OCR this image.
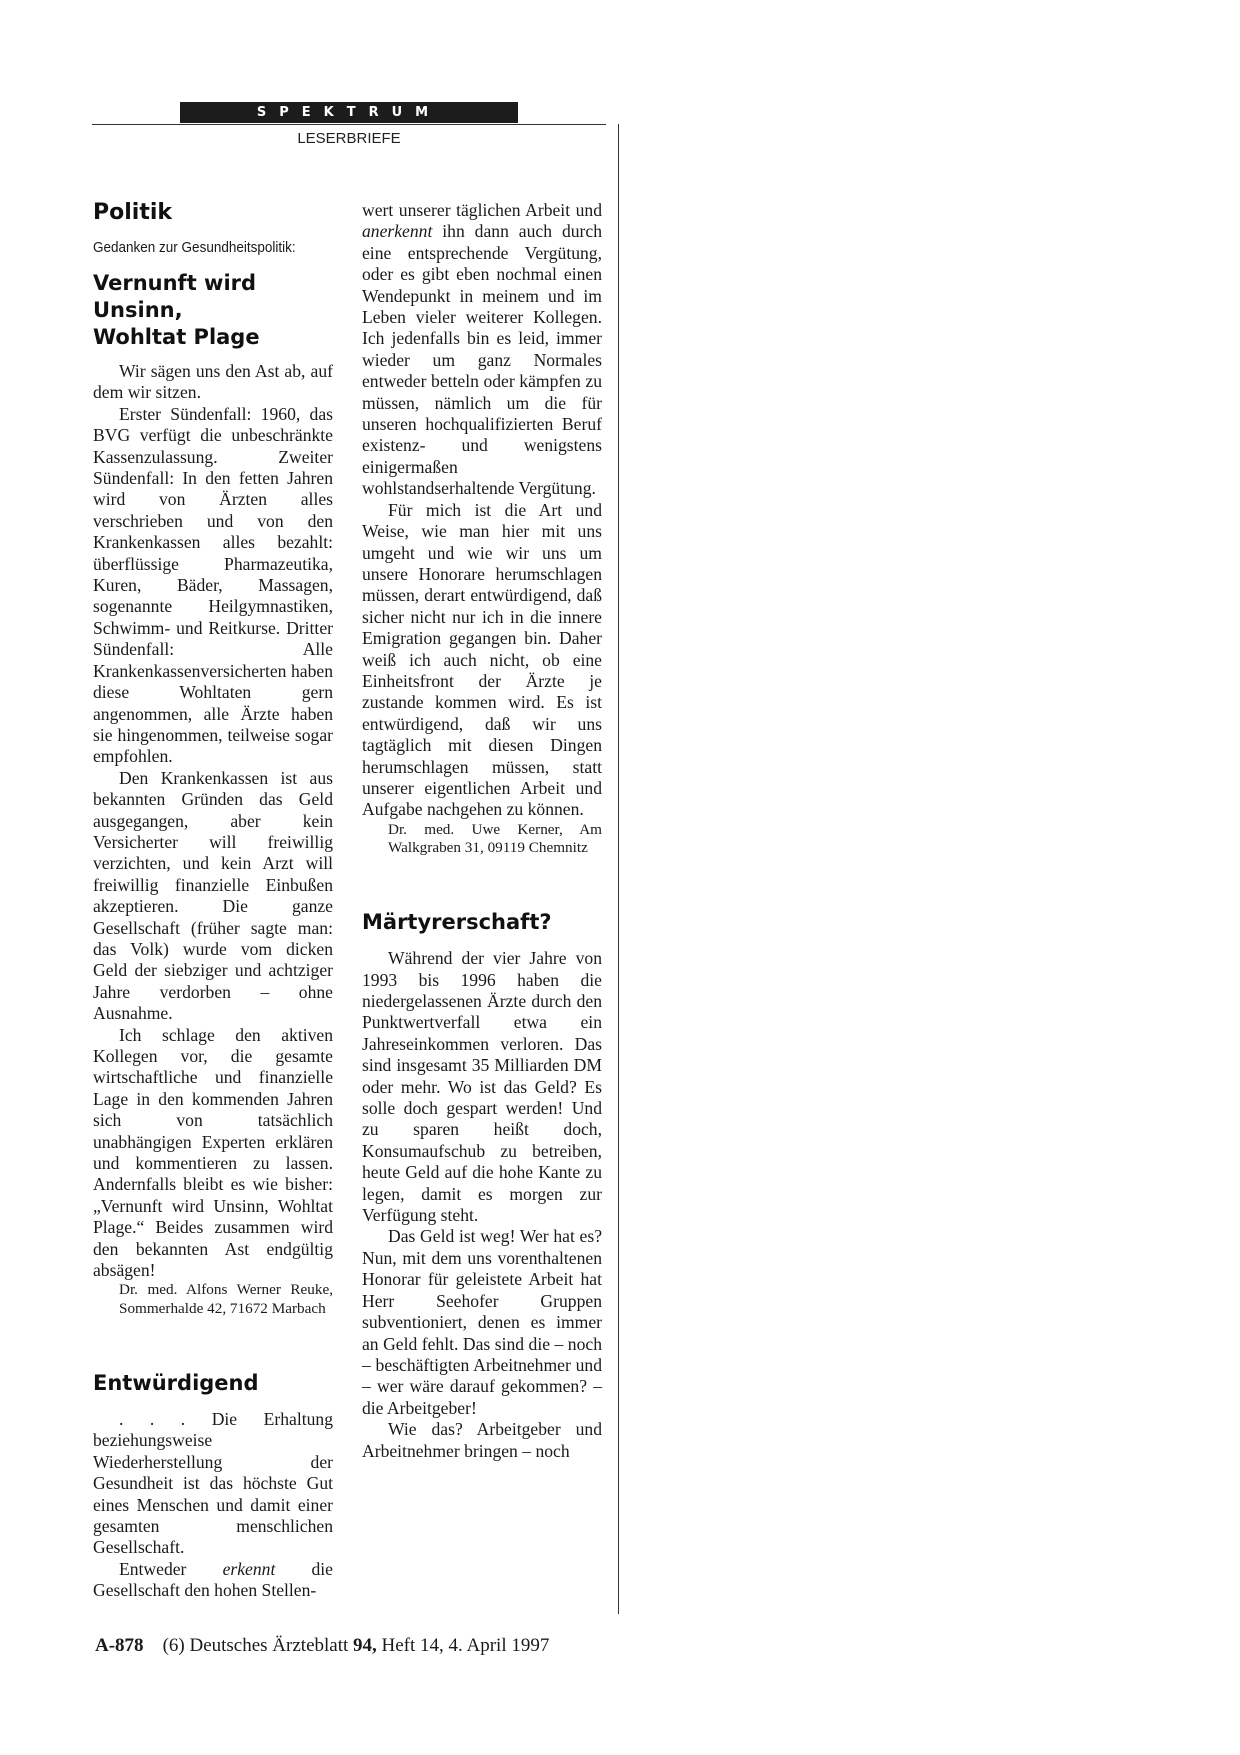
SPEKTRUM
LESERBRIEFE
Politik

Gedanken zur Gesundheitspolitik:

Vernunft wird Unsinn,
Wohltat Plage

Wir sägen uns den Ast ab, auf dem wir sitzen.

Erster Sündenfall: 1960, das BVG verfügt die unbeschränkte Kassenzulassung. Zweiter Sündenfall: In den fetten Jahren wird von Ärzten alles verschrieben und von den Krankenkassen alles bezahlt: überflüssige Pharmazeutika, Kuren, Bäder, Massagen, sogenannte Heilgymnastiken, Schwimm- und Reitkurse. Dritter Sündenfall: Alle Krankenkassenversicherten haben diese Wohltaten gern angenommen, alle Ärzte haben sie hingenommen, teilweise sogar empfohlen.

Den Krankenkassen ist aus bekannten Gründen das Geld ausgegangen, aber kein Versicherter will freiwillig verzichten, und kein Arzt will freiwillig finanzielle Einbußen akzeptieren. Die ganze Gesellschaft (früher sagte man: das Volk) wurde vom dicken Geld der siebziger und achtziger Jahre verdorben – ohne Ausnahme.

Ich schlage den aktiven Kollegen vor, die gesamte wirtschaftliche und finanzielle Lage in den kommenden Jahren sich von tatsächlich unabhängigen Experten erklären und kommentieren zu lassen. Andernfalls bleibt es wie bisher: „Vernunft wird Unsinn, Wohltat Plage.“ Beides zusammen wird den bekannten Ast endgültig absägen!

Dr. med. Alfons Werner Reuke, Sommerhalde 42, 71672 Marbach

Entwürdigend

. . . Die Erhaltung beziehungsweise Wiederherstellung der Gesundheit ist das höchste Gut eines Menschen und damit einer gesamten menschlichen Gesellschaft.

Entweder erkennt die Gesellschaft den hohen Stellen-

wert unserer täglichen Arbeit und anerkennt ihn dann auch durch eine entsprechende Vergütung, oder es gibt eben nochmal einen Wendepunkt in meinem und im Leben vieler weiterer Kollegen. Ich jedenfalls bin es leid, immer wieder um ganz Normales entweder betteln oder kämpfen zu müssen, nämlich um die für unseren hochqualifizierten Beruf existenz- und wenigstens einigermaßen wohlstandserhaltende Vergütung.

Für mich ist die Art und Weise, wie man hier mit uns umgeht und wie wir uns um unsere Honorare herumschlagen müssen, derart entwürdigend, daß sicher nicht nur ich in die innere Emigration gegangen bin. Daher weiß ich auch nicht, ob eine Einheitsfront der Ärzte je zustande kommen wird. Es ist entwürdigend, daß wir uns tagtäglich mit diesen Dingen herumschlagen müssen, statt unserer eigentlichen Arbeit und Aufgabe nachgehen zu können.

Dr. med. Uwe Kerner, Am Walkgraben 31, 09119 Chemnitz

Märtyrerschaft?

Während der vier Jahre von 1993 bis 1996 haben die niedergelassenen Ärzte durch den Punktwertverfall etwa ein Jahreseinkommen verloren. Das sind insgesamt 35 Milliarden DM oder mehr. Wo ist das Geld? Es solle doch gespart werden! Und zu sparen heißt doch, Konsumaufschub zu betreiben, heute Geld auf die hohe Kante zu legen, damit es morgen zur Verfügung steht.

Das Geld ist weg! Wer hat es? Nun, mit dem uns vorenthaltenen Honorar für geleistete Arbeit hat Herr Seehofer Gruppen subventioniert, denen es immer an Geld fehlt. Das sind die – noch – beschäftigten Arbeitnehmer und – wer wäre darauf gekommen? – die Arbeitgeber!

Wie das? Arbeitgeber und Arbeitnehmer bringen – noch

A-878 (6) Deutsches Ärzteblatt 94, Heft 14, 4. April 1997
